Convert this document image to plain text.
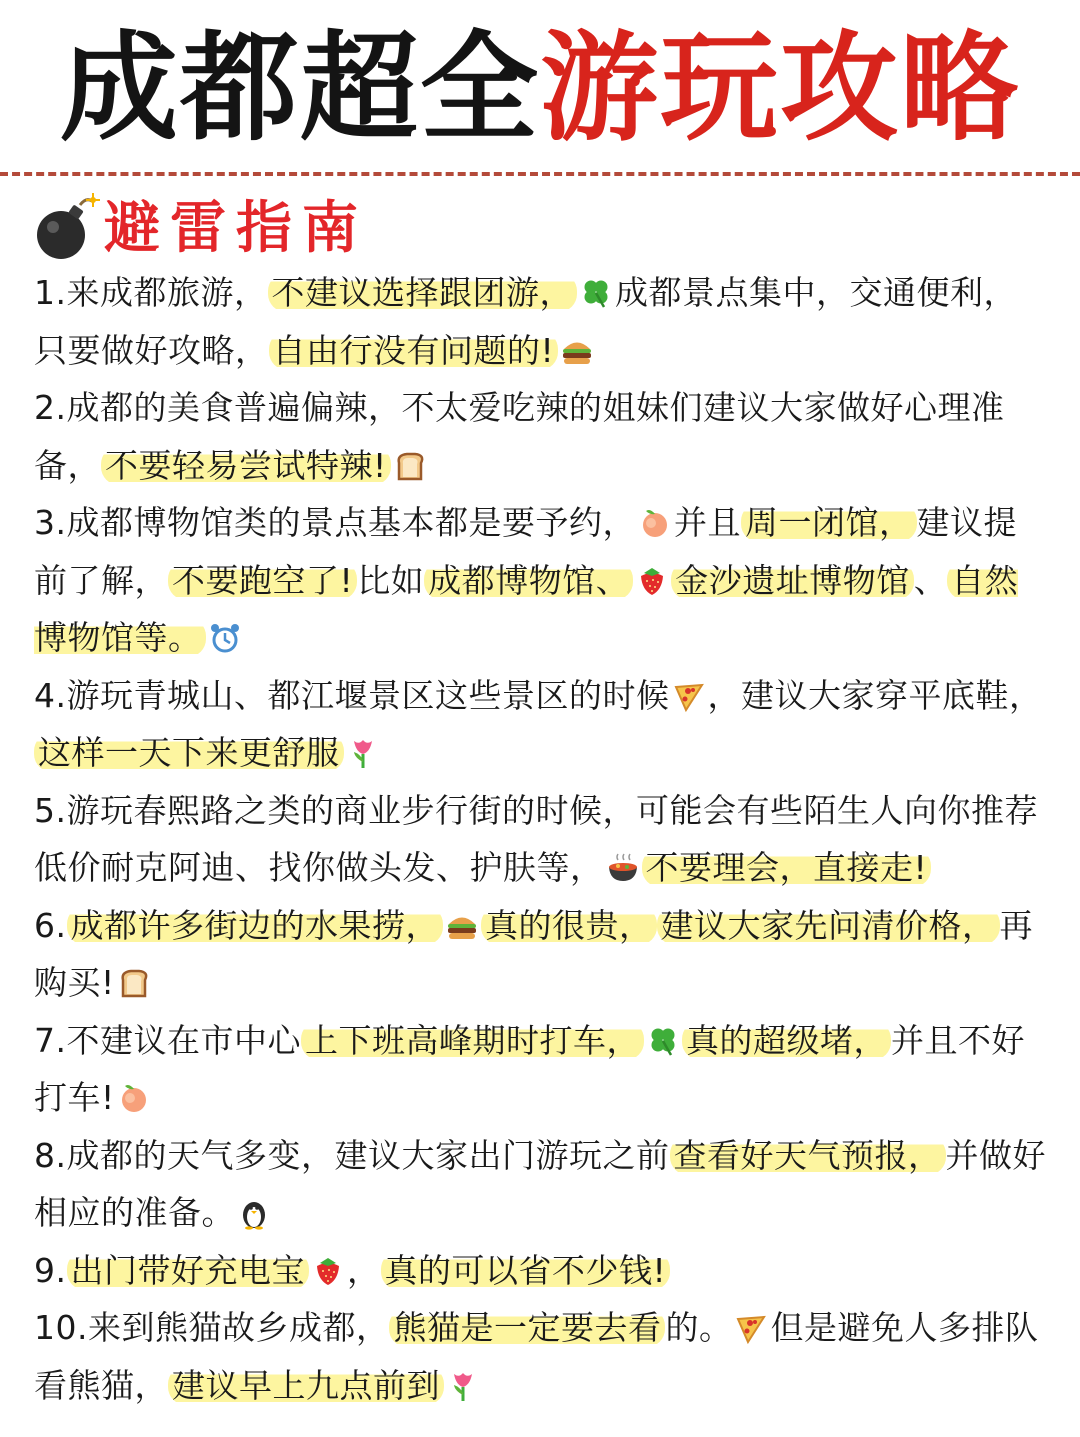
成都超全游玩攻略
避雷指南

1.来成都旅游， 不建议选择跟团游， 成都景点集中，交通便利，只要做好攻略， 自由行没有问题的!

2.成都的美食普遍偏辣，不太爱吃辣的姐妹们建议大家做好心理准备， 不要轻易尝试特辣!

3.成都博物馆类的景点基本都是要予约， 并且 周一闭馆， 建议提前了解， 不要跑空了! 比如 成都博物馆、 金沙遗址博物馆 、 自然博物馆等。

4.游玩青城山、都江堰景区这些景区的时候 ，建议大家穿平底鞋，这样一天下来更舒服

5.游玩春熙路之类的商业步行街的时候，可能会有些陌生人向你推荐低价耐克阿迪、找你做头发、护肤等， 不要理会，直接走!

6. 成都许多街边的水果捞， 真的很贵， 建议大家先问清价格， 再购买!

7.不建议在市中心 上下班高峰期时打车， 真的超级堵， 并且不好打车!

8.成都的天气多变，建议大家出门游玩之前 查看好天气预报， 并做好相应的准备。

9. 出门带好充电宝 ， 真的可以省不少钱!

10.来到熊猫故乡成都， 熊猫是一定要去看 的。 但是避免人多排队看熊猫， 建议早上九点前到
